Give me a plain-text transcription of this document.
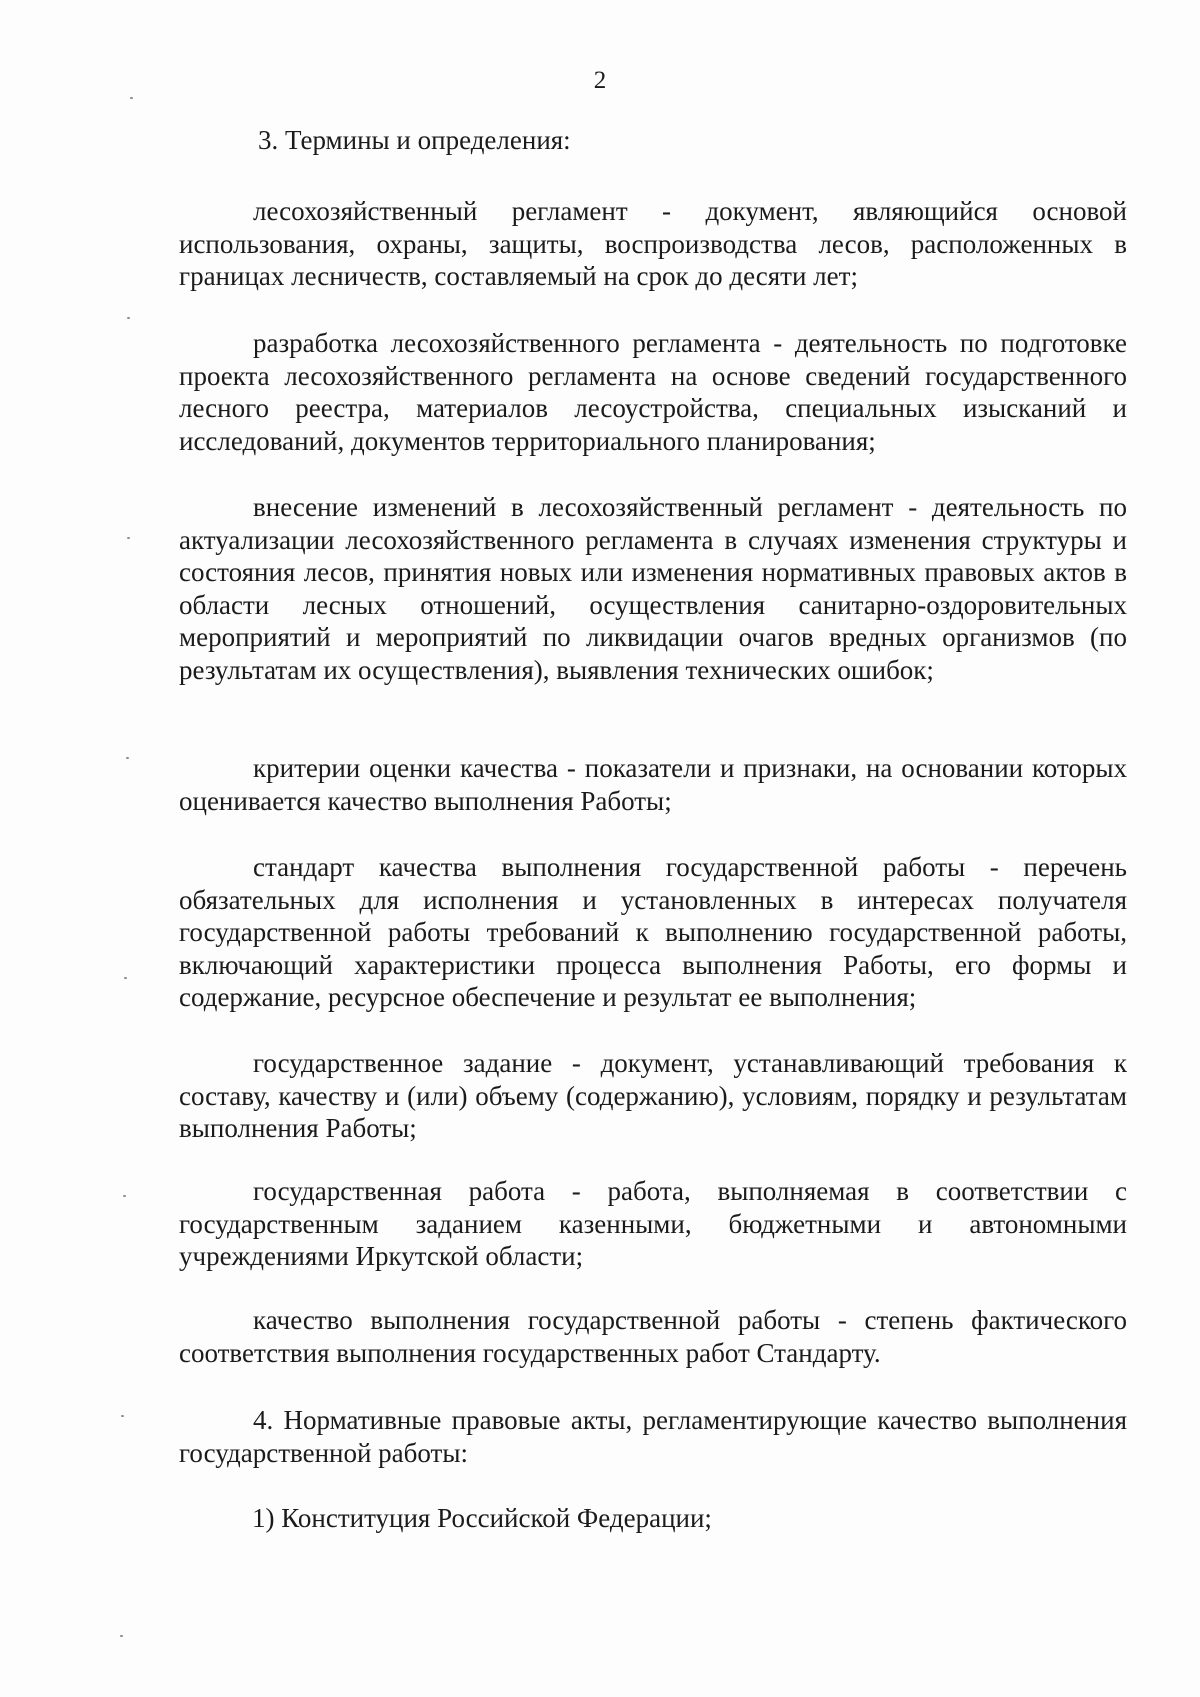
2

3. Термины и определения:

лесохозяйственный регламент - документ, являющийся основой использования, охраны, защиты, воспроизводства лесов, расположенных в границах лесничеств, составляемый на срок до десяти лет;

разработка лесохозяйственного регламента - деятельность по подготовке проекта лесохозяйственного регламента на основе сведений государственного лесного реестра, материалов лесоустройства, специальных изысканий и исследований, документов территориального планирования;

внесение изменений в лесохозяйственный регламент - деятельность по актуализации лесохозяйственного регламента в случаях изменения структуры и состояния лесов, принятия новых или изменения нормативных правовых актов в области лесных отношений, осуществления санитарно-оздоровительных мероприятий и мероприятий по ликвидации очагов вредных организмов (по результатам их осуществления), выявления технических ошибок;

критерии оценки качества - показатели и признаки, на основании которых оценивается качество выполнения Работы;

стандарт качества выполнения государственной работы - перечень обязательных для исполнения и установленных в интересах получателя государственной работы требований к выполнению государственной работы, включающий характеристики процесса выполнения Работы, его формы и содержание, ресурсное обеспечение и результат ее выполнения;

государственное задание - документ, устанавливающий требования к составу, качеству и (или) объему (содержанию), условиям, порядку и результатам выполнения Работы;

государственная работа - работа, выполняемая в соответствии с государственным заданием казенными, бюджетными и автономными учреждениями Иркутской области;

качество выполнения государственной работы - степень фактического соответствия выполнения государственных работ Стандарту.

4. Нормативные правовые акты, регламентирующие качество выполнения государственной работы:

1) Конституция Российской Федерации;
